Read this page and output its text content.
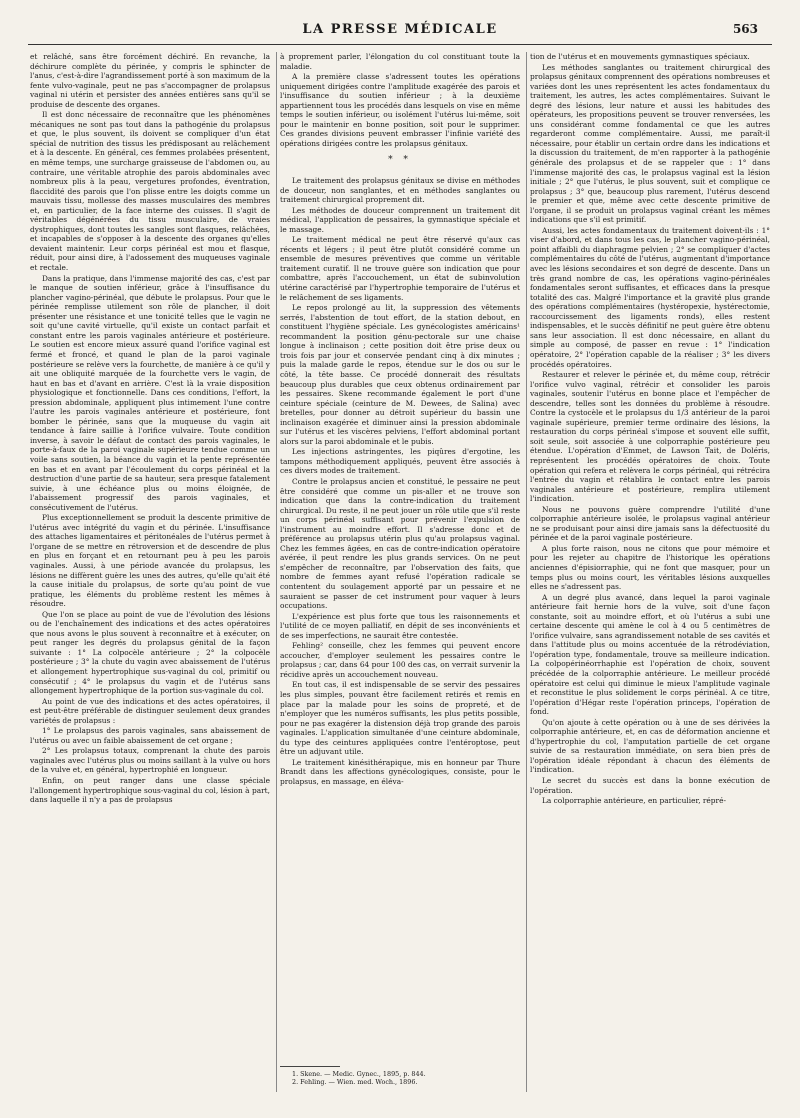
LA PRESSE MÉDICALE	563

et relâché, sans être forcément déchiré. En revanche, la déchirure complète du périnée, y compris le sphincter de l'anus, c'est-à-dire l'agrandissement porté à son maximum de la fente vulvo-vaginale, peut ne pas s'accompagner de prolapsus vaginal ni utérin et persister des années entières sans qu'il se produise de descente des organes.

Il est donc nécessaire de reconnaître que les phénomènes mécaniques ne sont pas tout dans la pathogénie du prolapsus et que, le plus souvent, ils doivent se compliquer d'un état spécial de nutrition des tissus les prédisposant au relâchement et à la descente. En général, ces femmes prolabées présentent, en même temps, une surcharge graisseuse de l'abdomen ou, au contraire, une véritable atrophie des parois abdominales avec nombreux plis à la peau, vergetures profondes, éventration, flaccidité des parois que l'on plisse entre les doigts comme un mauvais tissu, mollesse des masses musculaires des membres et, en particulier, de la face interne des cuisses. Il s'agit de véritables dégénérées du tissu musculaire, de vraies dystrophiques, dont toutes les sangles sont flasques, relâchées, et incapables de s'opposer à la descente des organes qu'elles devaient maintenir. Leur corps périnéal est mou et flasque, réduit, pour ainsi dire, à l'adossement des muqueuses vaginale et rectale.

Dans la pratique, dans l'immense majorité des cas, c'est par le manque de soutien inférieur, grâce à l'insuffisance du plancher vagino-périnéal, que débute le prolapsus. Pour que le périnée remplisse utilement son rôle de plancher, il doit présenter une résistance et une tonicité telles que le vagin ne soit qu'une cavité virtuelle, qu'il existe un contact parfait et constant entre les parois vaginales antérieure et postérieure. Le soutien est encore mieux assuré quand l'orifice vaginal est fermé et froncé, et quand le plan de la paroi vaginale postérieure se relève vers la fourchette, de manière à ce qu'il y ait une obliquité marquée de la fourchette vers le vagin, de haut en bas et d'avant en arrière. C'est là la vraie disposition physiologique et fonctionnelle. Dans ces conditions, l'effort, la pression abdominale, appliquent plus intimement l'une contre l'autre les parois vaginales antérieure et postérieure, font bomber le périnée, sans que la muqueuse du vagin ait tendance à faire saillie à l'orifice vulvaire. Toute condition inverse, à savoir le défaut de contact des parois vaginales, le porte-à-faux de la paroi vaginale supérieure tendue comme un voile sans soutien, la béance du vagin et la pente représentée en bas et en avant par l'écoulement du corps périnéal et la destruction d'une partie de sa hauteur, sera presque fatalement suivie, à une échéance plus ou moins éloignée, de l'abaissement progressif des parois vaginales, et consécutivement de l'utérus.

Plus exceptionnellement se produit la descente primitive de l'utérus avec intégrité du vagin et du périnée. L'insuffisance des attaches ligamentaires et péritonéales de l'utérus permet à l'organe de se mettre en rétroversion et de descendre de plus en plus en forçant et en retournant peu à peu les parois vaginales. Aussi, à une période avancée du prolapsus, les lésions ne diffèrent guère les unes des autres, qu'elle qu'ait été la cause initiale du prolapsus, de sorte qu'au point de vue pratique, les éléments du problème restent les mêmes à résoudre.

Que l'on se place au point de vue de l'évolution des lésions ou de l'enchaînement des indications et des actes opératoires que nous avons le plus souvent à reconnaître et à exécuter, on peut ranger les degrés du prolapsus génital de la façon suivante : 1° La colpocèle antérieure ; 2° la colpocèle postérieure ; 3° la chute du vagin avec abaissement de l'utérus et allongement hypertrophique sus-vaginal du col, primitif ou consécutif ; 4° le prolapsus du vagin et de l'utérus sans allongement hypertrophique de la portion sus-vaginale du col.

Au point de vue des indications et des actes opératoires, il est peut-être préférable de distinguer seulement deux grandes variétés de prolapsus :

1° Le prolapsus des parois vaginales, sans abaissement de l'utérus ou avec un faible abaissement de cet organe ;

2° Les prolapsus totaux, comprenant la chute des parois vaginales avec l'utérus plus ou moins saillant à la vulve ou hors de la vulve et, en général, hypertrophié en longueur.

Enfin, on peut ranger dans une classe spéciale l'allongement hypertrophique sous-vaginal du col, lésion à part, dans laquelle il n'y a pas de prolapsus

à proprement parler, l'élongation du col constituant toute la maladie.

A la première classe s'adressent toutes les opérations uniquement dirigées contre l'amplitude exagérée des parois et l'insuffisance du soutien inférieur ; à la deuxième appartiennent tous les procédés dans lesquels on vise en même temps le soutien inférieur, ou isolément l'utérus lui-même, soit pour le maintenir en bonne position, soit pour le supprimer. Ces grandes divisions peuvent embrasser l'infinie variété des opérations dirigées contre les prolapsus génitaux.

* *

Le traitement des prolapsus génitaux se divise en méthodes de douceur, non sanglantes, et en méthodes sanglantes ou traitement chirurgical proprement dit.

Les méthodes de douceur comprennent un traitement dit médical, l'application de pessaires, la gymnastique spéciale et le massage.

Le traitement médical ne peut être réservé qu'aux cas récents et légers ; il peut être plutôt considéré comme un ensemble de mesures préventives que comme un véritable traitement curatif. Il ne trouve guère son indication que pour combattre, après l'accouchement, un état de subinvolution utérine caractérisé par l'hypertrophie temporaire de l'utérus et le relâchement de ses ligaments.

Le repos prolongé au lit, la suppression des vêtements serrés, l'abstention de tout effort, de la station debout, en constituent l'hygiène spéciale. Les gynécologistes américains¹ recommandent la position génu-pectorale sur une chaise longue à inclinaison ; cette position doit être prise deux ou trois fois par jour et conservée pendant cinq à dix minutes ; puis la malade garde le repos, étendue sur le dos ou sur le côté, la tête basse. Ce procédé donnerait des résultats beaucoup plus durables que ceux obtenus ordinairement par les pessaires. Skene recommande également le port d'une ceinture spéciale (ceinture de M. Dewees, de Salina) avec bretelles, pour donner au détroit supérieur du bassin une inclinaison exagérée et diminuer ainsi la pression abdominale sur l'utérus et les viscères pelviens, l'effort abdominal portant alors sur la paroi abdominale et le pubis.

Les injections astringentes, les piqûres d'ergotine, les tampons méthodiquement appliqués, peuvent être associés à ces divers modes de traitement.

Contre le prolapsus ancien et constitué, le pessaire ne peut être considéré que comme un pis-aller et ne trouve son indication que dans la contre-indication du traitement chirurgical. Du reste, il ne peut jouer un rôle utile que s'il reste un corps périnéal suffisant pour prévenir l'expulsion de l'instrument au moindre effort. Il s'adresse donc et de préférence au prolapsus utérin plus qu'au prolapsus vaginal. Chez les femmes âgées, en cas de contre-indication opératoire avérée, il peut rendre les plus grands services. On ne peut s'empêcher de reconnaître, par l'observation des faits, que nombre de femmes ayant refusé l'opération radicale se contentent du soulagement apporté par un pessaire et ne sauraient se passer de cet instrument pour vaquer à leurs occupations.

L'expérience est plus forte que tous les raisonnements et l'utilité de ce moyen palliatif, en dépit de ses inconvénients et de ses imperfections, ne saurait être contestée.

Fehling² conseille, chez les femmes qui peuvent encore accoucher, d'employer seulement les pessaires contre le prolapsus ; car, dans 64 pour 100 des cas, on verrait survenir la récidive après un accouchement nouveau.

En tout cas, il est indispensable de se servir des pessaires les plus simples, pouvant être facilement retirés et remis en place par la malade pour les soins de propreté, et de n'employer que les numéros suffisants, les plus petits possible, pour ne pas exagérer la distension déjà trop grande des parois vaginales. L'application simultanée d'une ceinture abdominale, du type des ceintures appliquées contre l'entéroptose, peut être un adjuvant utile.

Le traitement kinésithérapique, mis en honneur par Thure Brandt dans les affections gynécologiques, consiste, pour le prolapsus, en massage, en éléva-

tion de l'utérus et en mouvements gymnastiques spéciaux.

Les méthodes sanglantes ou traitement chirurgical des prolapsus génitaux comprennent des opérations nombreuses et variées dont les unes représentent les actes fondamentaux du traitement, les autres, les actes complémentaires. Suivant le degré des lésions, leur nature et aussi les habitudes des opérateurs, les propositions peuvent se trouver renversées, les uns considérant comme fondamental ce que les autres regarderont comme complémentaire. Aussi, me paraît-il nécessaire, pour établir un certain ordre dans les indications et la discussion du traitement, de m'en rapporter à la pathogénie générale des prolapsus et de se rappeler que : 1° dans l'immense majorité des cas, le prolapsus vaginal est la lésion initiale ; 2° que l'utérus, le plus souvent, suit et complique ce prolapsus ; 3° que, beaucoup plus rarement, l'utérus descend le premier et que, même avec cette descente primitive de l'organe, il se produit un prolapsus vaginal créant les mêmes indications que s'il est primitif.

Aussi, les actes fondamentaux du traitement doivent-ils : 1° viser d'abord, et dans tous les cas, le plancher vagino-périnéal, point affaibli du diaphragme pelvien ; 2° se compliquer d'actes complémentaires du côté de l'utérus, augmentant d'importance avec les lésions secondaires et son degré de descente. Dans un très grand nombre de cas, les opérations vagino-périnéales fondamentales seront suffisantes, et efficaces dans la presque totalité des cas. Malgré l'importance et la gravité plus grande des opérations complémentaires (hystéropexie, hystérectomie, raccourcissement des ligaments ronds), elles restent indispensables, et le succès définitif ne peut guère être obtenu sans leur association. Il est donc nécessaire, en allant du simple au composé, de passer en revue : 1° l'indication opératoire, 2° l'opération capable de la réaliser ; 3° les divers procédés opératoires.

Restaurer et relever le périnée et, du même coup, rétrécir l'orifice vulvo vaginal, rétrécir et consolider les parois vaginales, soutenir l'utérus en bonne place et l'empêcher de descendre, telles sont les données du problème à résoudre. Contre la cystocèle et le prolapsus du 1/3 antérieur de la paroi vaginale supérieure, premier terme ordinaire des lésions, la restauration du corps périnéal s'impose et souvent elle suffit, soit seule, soit associée à une colporraphie postérieure peu étendue. L'opération d'Emmet, de Lawson Tait, de Doléris, représentent les procédés opératoires de choix. Toute opération qui refera et relèvera le corps périnéal, qui rétrécira l'entrée du vagin et rétablira le contact entre les parois vaginales antérieure et postérieure, remplira utilement l'indication.

Nous ne pouvons guère comprendre l'utilité d'une colporraphie antérieure isolée, le prolapsus vaginal antérieur ne se produisant pour ainsi dire jamais sans la défectuosité du périnée et de la paroi vaginale postérieure.

A plus forte raison, nous ne citons que pour mémoire et pour les rejeter au chapitre de l'historique les opérations anciennes d'épisiorraphie, qui ne font que masquer, pour un temps plus ou moins court, les véritables lésions auxquelles elles ne s'adressent pas.

A un degré plus avancé, dans lequel la paroi vaginale antérieure fait hernie hors de la vulve, soit d'une façon constante, soit au moindre effort, et où l'utérus a subi une certaine descente qui amène le col à 4 ou 5 centimètres de l'orifice vulvaire, sans agrandissement notable de ses cavités et dans l'attitude plus ou moins accentuée de la rétrodéviation, l'opération type, fondamentale, trouve sa meilleure indication. La colpopérinéorrhaphie est l'opération de choix, souvent précédée de la colporraphie antérieure. Le meilleur procédé opératoire est celui qui diminue le mieux l'amplitude vaginale et reconstitue le plus solidement le corps périnéal. A ce titre, l'opération d'Hégar reste l'opération princeps, l'opération de fond.

Qu'on ajoute à cette opération ou à une de ses dérivées la colporraphie antérieure, et, en cas de déformation ancienne et d'hypertrophie du col, l'amputation partielle de cet organe suivie de sa restauration immédiate, on sera bien près de l'opération idéale répondant à chacun des éléments de l'indication.

Le secret du succès est dans la bonne exécution de l'opération.

La colporraphie antérieure, en particulier, répré-

1. Skene. — Medic. Gynec., 1895, p. 844.
2. Fehling. — Wien. med. Woch., 1896.
